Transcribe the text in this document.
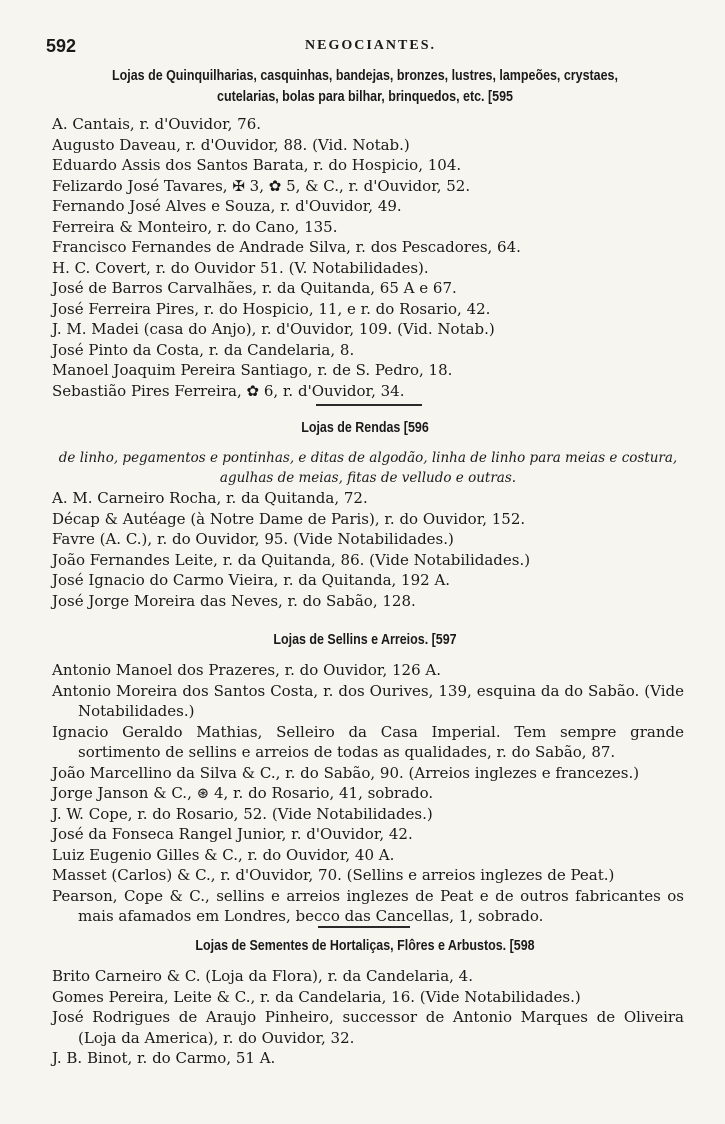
592	NEGOCIANTES.
Lojas de Quinquilharias, casquinhas, bandejas, bronzes, lustres, lampeões, crystaes,
cutelarias, bolas para bilhar, brinquedos, etc. [595
A. Cantais, r. d'Ouvidor, 76.
Augusto Daveau, r. d'Ouvidor, 88. (Vid. Notab.)
Eduardo Assis dos Santos Barata, r. do Hospicio, 104.
Felizardo José Tavares, ✠ 3, ✿ 5, & C., r. d'Ouvidor, 52.
Fernando José Alves e Souza, r. d'Ouvidor, 49.
Ferreira & Monteiro, r. do Cano, 135.
Francisco Fernandes de Andrade Silva, r. dos Pescadores, 64.
H. C. Covert, r. do Ouvidor 51. (V. Notabilidades).
José de Barros Carvalhães, r. da Quitanda, 65 A e 67.
José Ferreira Pires, r. do Hospicio, 11, e r. do Rosario, 42.
J. M. Madei (casa do Anjo), r. d'Ouvidor, 109. (Vid. Notab.)
José Pinto da Costa, r. da Candelaria, 8.
Manoel Joaquim Pereira Santiago, r. de S. Pedro, 18.
Sebastião Pires Ferreira, ✿ 6, r. d'Ouvidor, 34.
Lojas de Rendas [596
de linho, pegamentos e pontinhas, e ditas de algodão, linha de linho para meias e costura, agulhas de meias, fitas de velludo e outras.
A. M. Carneiro Rocha, r. da Quitanda, 72.
Décap & Autéage (à Notre Dame de Paris), r. do Ouvidor, 152.
Favre (A. C.), r. do Ouvidor, 95. (Vide Notabilidades.)
João Fernandes Leite, r. da Quitanda, 86. (Vide Notabilidades.)
José Ignacio do Carmo Vieira, r. da Quitanda, 192 A.
José Jorge Moreira das Neves, r. do Sabão, 128.
Lojas de Sellins e Arreios. [597
Antonio Manoel dos Prazeres, r. do Ouvidor, 126 A.
Antonio Moreira dos Santos Costa, r. dos Ourives, 139, esquina da do Sabão. (Vide Notabilidades.)
Ignacio Geraldo Mathias, Selleiro da Casa Imperial. Tem sempre grande sortimento de sellins e arreios de todas as qualidades, r. do Sabão, 87.
João Marcellino da Silva & C., r. do Sabão, 90. (Arreios inglezes e francezes.)
Jorge Janson & C., ⊛ 4, r. do Rosario, 41, sobrado.
J. W. Cope, r. do Rosario, 52. (Vide Notabilidades.)
José da Fonseca Rangel Junior, r. d'Ouvidor, 42.
Luiz Eugenio Gilles & C., r. do Ouvidor, 40 A.
Masset (Carlos) & C., r. d'Ouvidor, 70. (Sellins e arreios inglezes de Peat.)
Pearson, Cope & C., sellins e arreios inglezes de Peat e de outros fabricantes os mais afamados em Londres, becco das Cancellas, 1, sobrado.
Lojas de Sementes de Hortaliças, Flôres e Arbustos. [598
Brito Carneiro & C. (Loja da Flora), r. da Candelaria, 4.
Gomes Pereira, Leite & C., r. da Candelaria, 16. (Vide Notabilidades.)
José Rodrigues de Araujo Pinheiro, successor de Antonio Marques de Oliveira (Loja da America), r. do Ouvidor, 32.
J. B. Binot, r. do Carmo, 51 A.
